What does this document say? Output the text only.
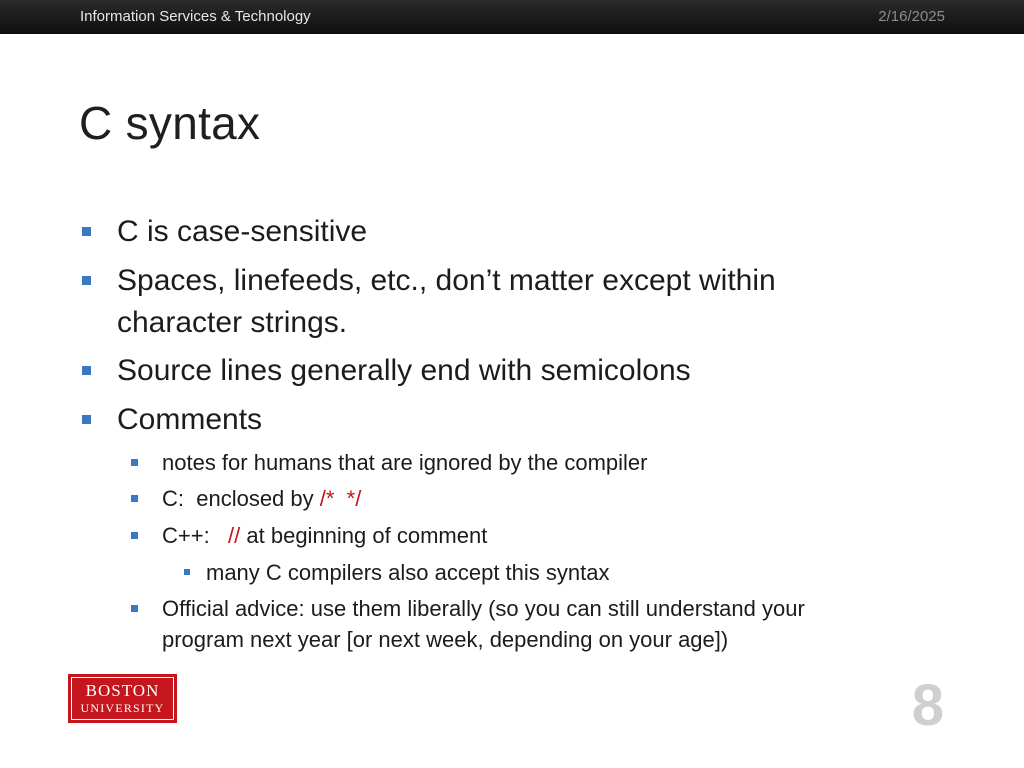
Information Services & Technology	2/16/2025
C syntax
C is case-sensitive
Spaces, linefeeds, etc., don’t matter except within
character strings.
Source lines generally end with semicolons
Comments
notes for humans that are ignored by the compiler
C:  enclosed by /*  */
C++:   // at beginning of comment
many C compilers also accept this syntax
Official advice: use them liberally (so you can still understand your
program next year [or next week, depending on your age])
BOSTON
UNIVERSITY	8
